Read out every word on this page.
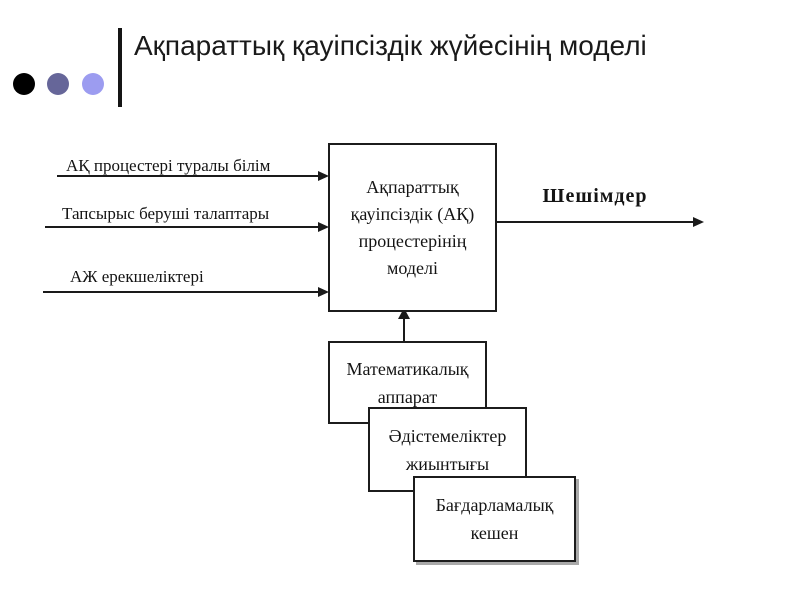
Ақпараттық қауіпсіздік жүйесінің моделі
АҚ процестері туралы білім
Тапсырыс беруші талаптары
АЖ ерекшеліктері
Ақпараттық
қауіпсіздік (АҚ)
процестерінің
моделі
Шешімдер
Математикалық
аппарат
Әдістемеліктер
жиынтығы
Бағдарламалық
кешен
